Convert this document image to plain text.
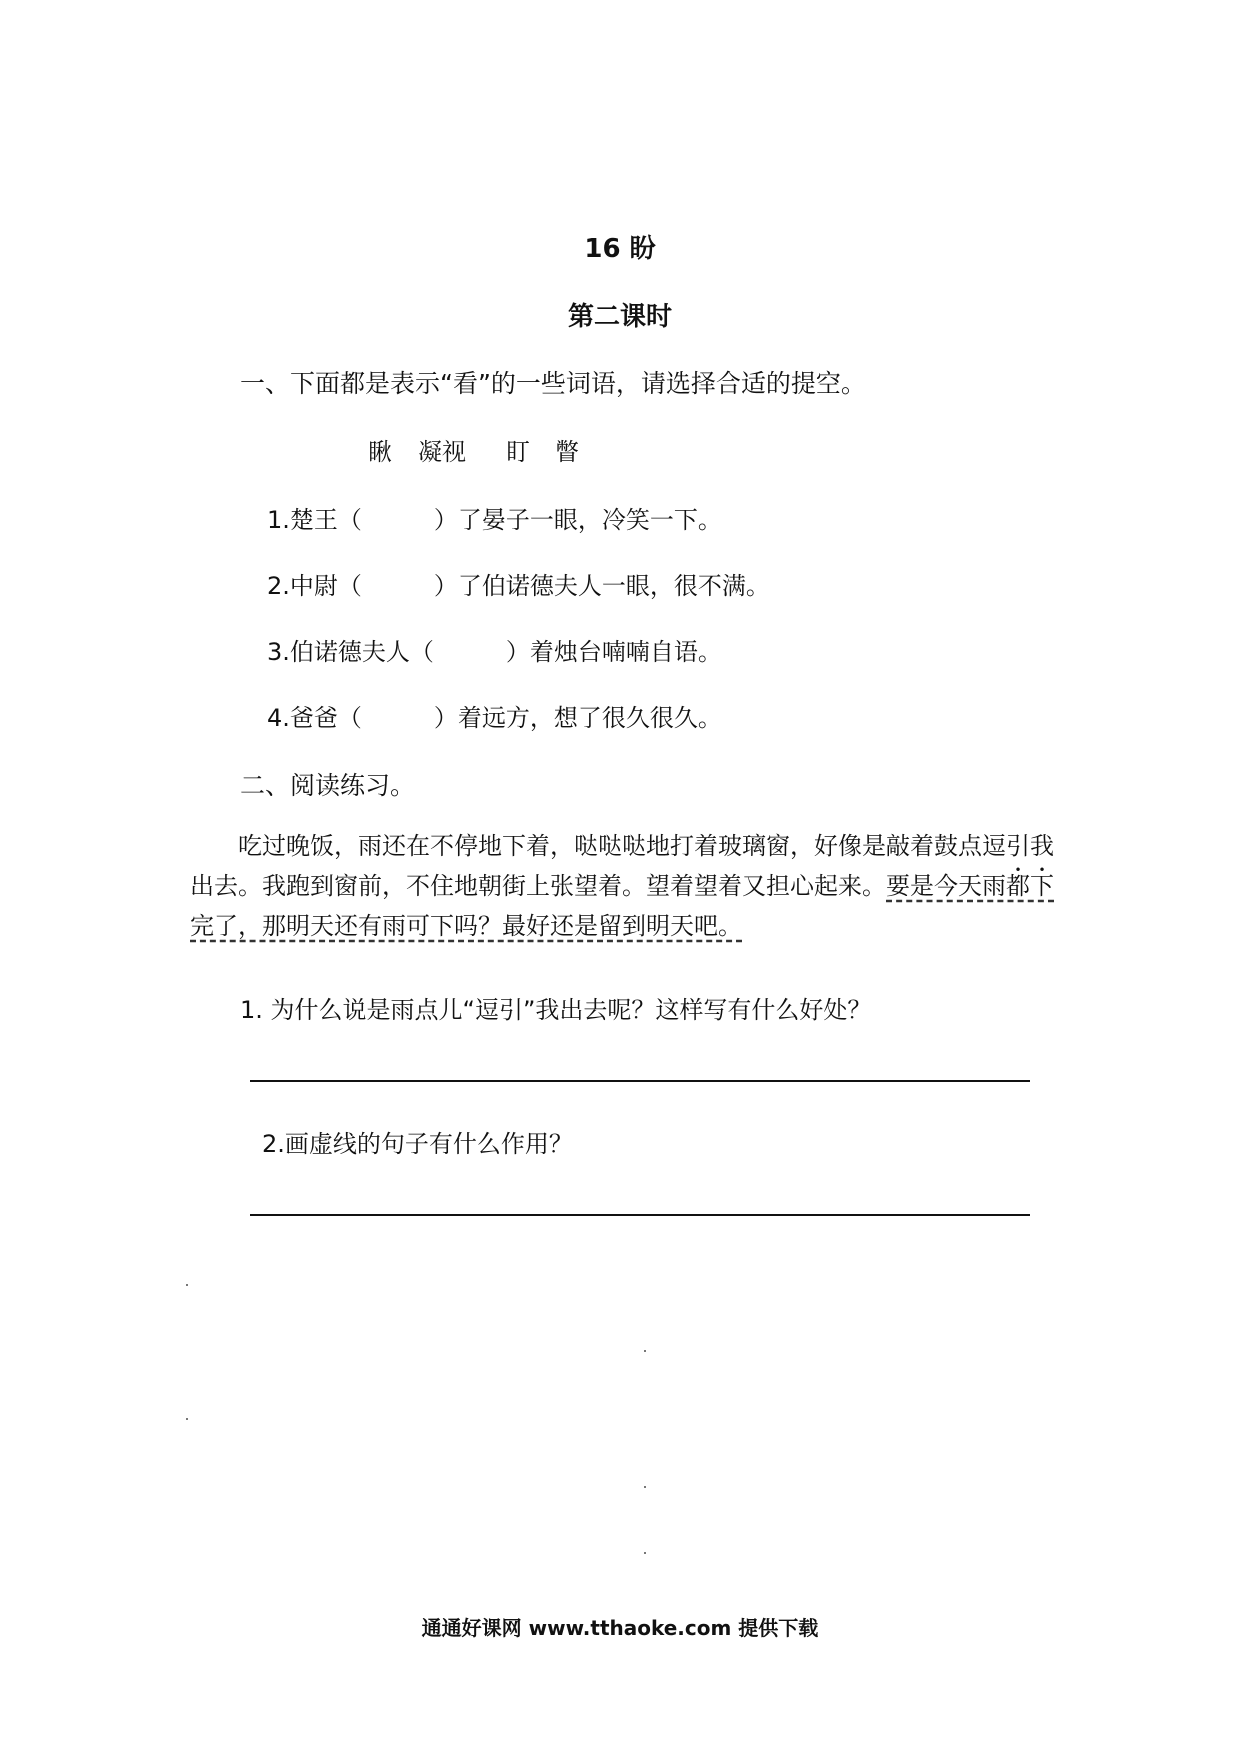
16 盼
第二课时
一、下面都是表示“看”的一些词语，请选择合适的提空。
瞅 凝视 盯 瞥
1.楚王（　　　）了晏子一眼，冷笑一下。
2.中尉（　　　）了伯诺德夫人一眼，很不满。
3.伯诺德夫人（　　　）着烛台喃喃自语。
4.爸爸（　　　）着远方，想了很久很久。
二、阅读练习。
吃过晚饭，雨还在不停地下着，哒哒哒地打着玻璃窗，好像是敲着鼓点逗引我出去。我跑到窗前，不住地朝街上张望着。望着望着又担心起来。要是今天雨都下完了，那明天还有雨可下吗？最好还是留到明天吧。
1. 为什么说是雨点儿“逗引”我出去呢？这样写有什么好处？
2.画虚线的句子有什么作用？
通通好课网 www.tthaoke.com 提供下载
